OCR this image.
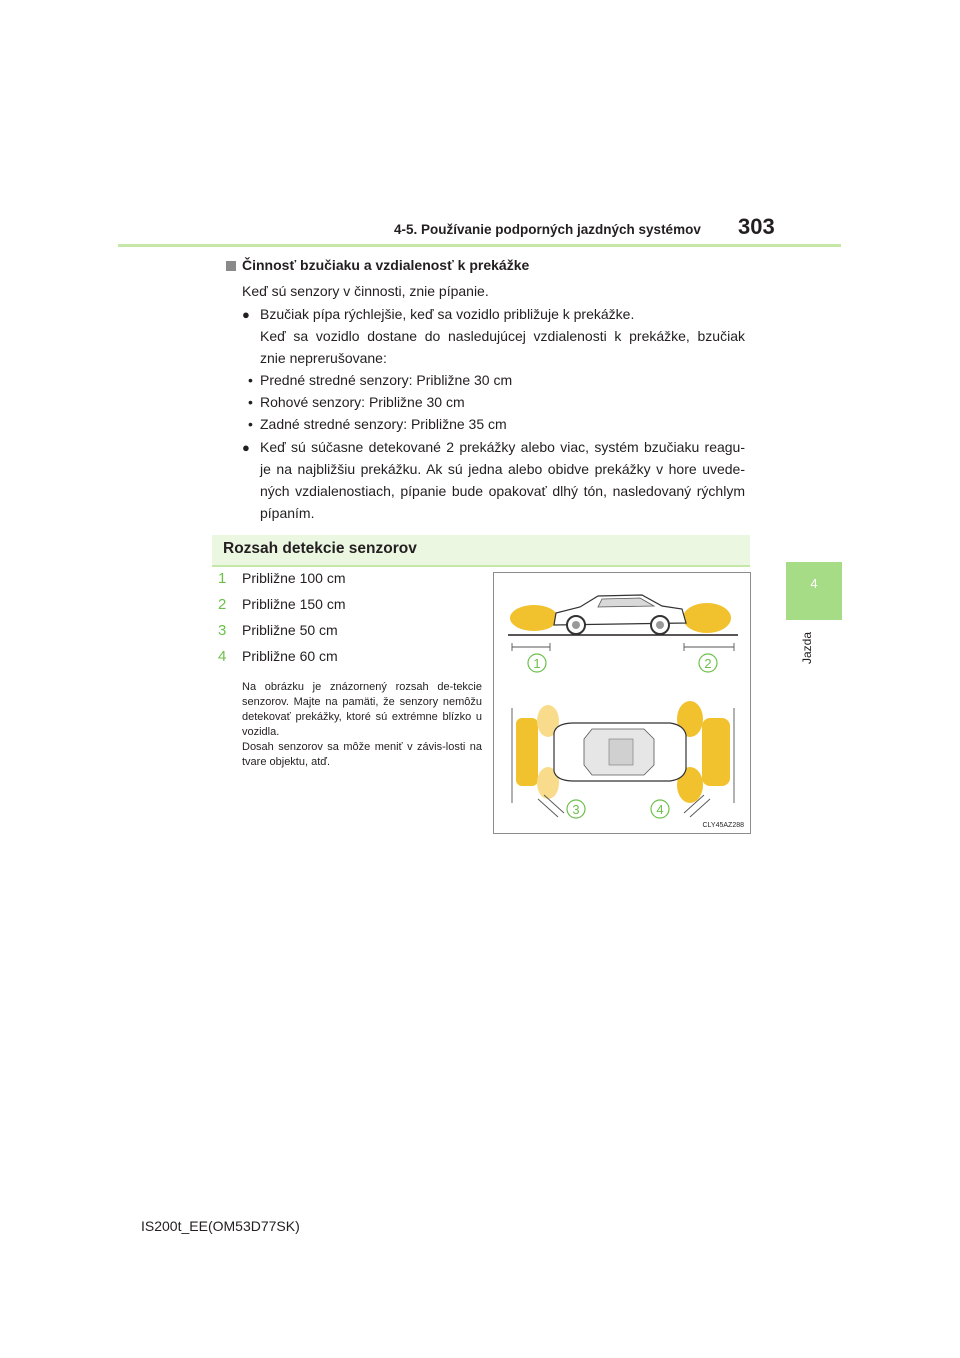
4-5. Používanie podporných jazdných systémov 303
4
Jazda
Činnosť bzučiaku a vzdialenosť k prekážke
Keď sú senzory v činnosti, znie pípanie.
● Bzučiak pípa rýchlejšie, keď sa vozidlo približuje k prekážke.
Keď sa vozidlo dostane do nasledujúcej vzdialenosti k prekážke, bzučiak
znie neprerušovane:
• Predné stredné senzory: Približne 30 cm
• Rohové senzory: Približne 30 cm
• Zadné stredné senzory: Približne 35 cm
● Keď sú súčasne detekované 2 prekážky alebo viac, systém bzučiaku reagu-
je na najbližšiu prekážku. Ak sú jedna alebo obidve prekážky v hore uvede-
ných vzdialenostiach, pípanie bude opakovať dlhý tón, nasledovaný rýchlym
pípaním.
Rozsah detekcie senzorov
1 Približne 100 cm
2 Približne 150 cm
3 Približne 50 cm
4 Približne 60 cm
Na obrázku je znázornený rozsah de-tekcie senzorov. Majte na pamäti, že senzory nemôžu detekovať prekážky, ktoré sú extrémne blízko u vozidla.
Dosah senzorov sa môže meniť v závis-losti na tvare objektu, atď.
1	2
3	4
CLY45AZ288
IS200t_EE(OM53D77SK)
